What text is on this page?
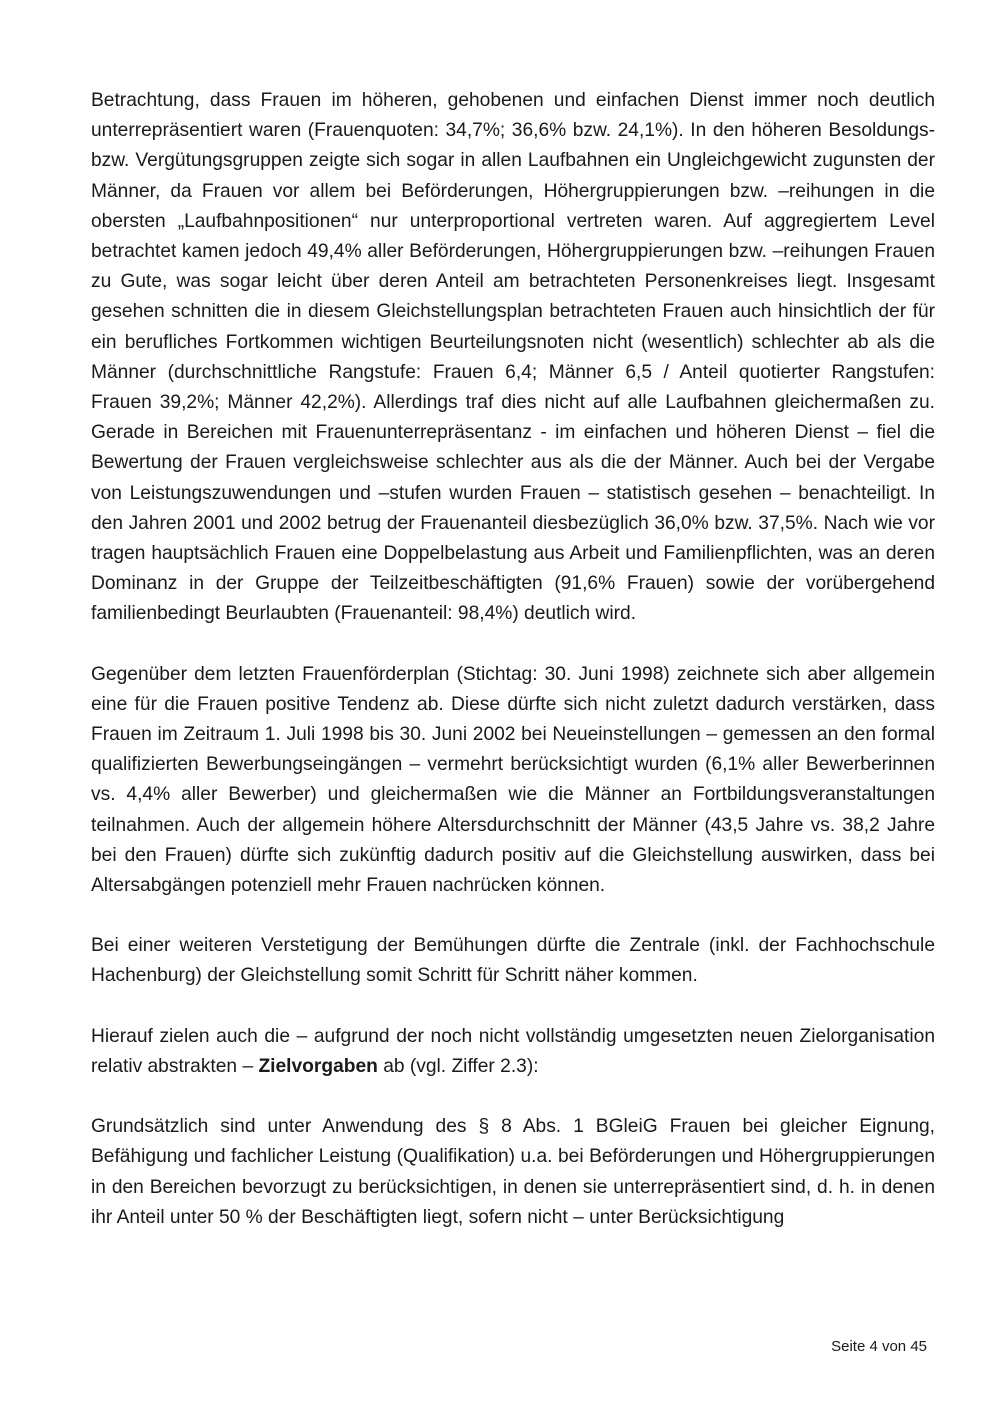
Betrachtung, dass Frauen im höheren, gehobenen und einfachen Dienst immer noch deutlich unterrepräsentiert waren (Frauenquoten: 34,7%; 36,6% bzw. 24,1%). In den höheren Besoldungs- bzw. Vergütungsgruppen zeigte sich sogar in allen Laufbahnen ein Ungleichgewicht zugunsten der Männer, da Frauen vor allem bei Beförderungen, Höhergruppierungen bzw. –reihungen in die obersten „Laufbahnpositionen“ nur unterproportional vertreten waren. Auf aggregiertem Level betrachtet kamen jedoch 49,4% aller Beförderungen, Höhergruppierungen bzw. –reihungen Frauen zu Gute, was sogar leicht über deren Anteil am betrachteten Personenkreises liegt. Insgesamt gesehen schnitten die in diesem Gleichstellungsplan betrachteten Frauen auch hinsichtlich der für ein berufliches Fortkommen wichtigen Beurteilungsnoten nicht (wesentlich) schlechter ab als die Männer (durchschnittliche Rangstufe: Frauen 6,4; Männer 6,5 / Anteil quotierter Rangstufen: Frauen 39,2%; Männer 42,2%). Allerdings traf dies nicht auf alle Laufbahnen gleichermaßen zu. Gerade in Bereichen mit Frauenunterrepräsentanz - im einfachen und höheren Dienst – fiel die Bewertung der Frauen vergleichsweise schlechter aus als die der Männer. Auch bei der Vergabe von Leistungszuwendungen und –stufen wurden Frauen – statistisch gesehen – benachteiligt. In den Jahren 2001 und 2002 betrug der Frauenanteil diesbezüglich 36,0% bzw. 37,5%. Nach wie vor tragen hauptsächlich Frauen eine Doppelbelastung aus Arbeit und Familienpflichten, was an deren Dominanz in der Gruppe der Teilzeitbeschäftigten (91,6% Frauen) sowie der vorübergehend familienbedingt Beurlaubten (Frauenanteil: 98,4%) deutlich wird.

Gegenüber dem letzten Frauenförderplan (Stichtag: 30. Juni 1998) zeichnete sich aber allgemein eine für die Frauen positive Tendenz ab. Diese dürfte sich nicht zuletzt dadurch verstärken, dass Frauen im Zeitraum 1. Juli 1998 bis 30. Juni 2002 bei Neueinstellungen – gemessen an den formal qualifizierten Bewerbungseingängen – vermehrt berücksichtigt wurden (6,1% aller Bewerberinnen vs. 4,4% aller Bewerber) und gleichermaßen wie die Männer an Fortbildungsveranstaltungen teilnahmen. Auch der allgemein höhere Altersdurchschnitt der Männer (43,5 Jahre vs. 38,2 Jahre bei den Frauen) dürfte sich zukünftig dadurch positiv auf die Gleichstellung auswirken, dass bei Altersabgängen potenziell mehr Frauen nachrücken können.

Bei einer weiteren Verstetigung der Bemühungen dürfte die Zentrale (inkl. der Fachhochschule Hachenburg) der Gleichstellung somit Schritt für Schritt näher kommen.

Hierauf zielen auch die – aufgrund der noch nicht vollständig umgesetzten neuen Zielorganisation relativ abstrakten – Zielvorgaben ab (vgl. Ziffer 2.3):

Grundsätzlich sind unter Anwendung des § 8 Abs. 1 BGleiG Frauen bei gleicher Eignung, Befähigung und fachlicher Leistung (Qualifikation) u.a. bei Beförderungen und Höhergruppierungen in den Bereichen bevorzugt zu berücksichtigen, in denen sie unterrepräsentiert sind, d. h. in denen ihr Anteil unter 50 % der Beschäftigten liegt, sofern nicht – unter Berücksichtigung

Seite 4 von 45
